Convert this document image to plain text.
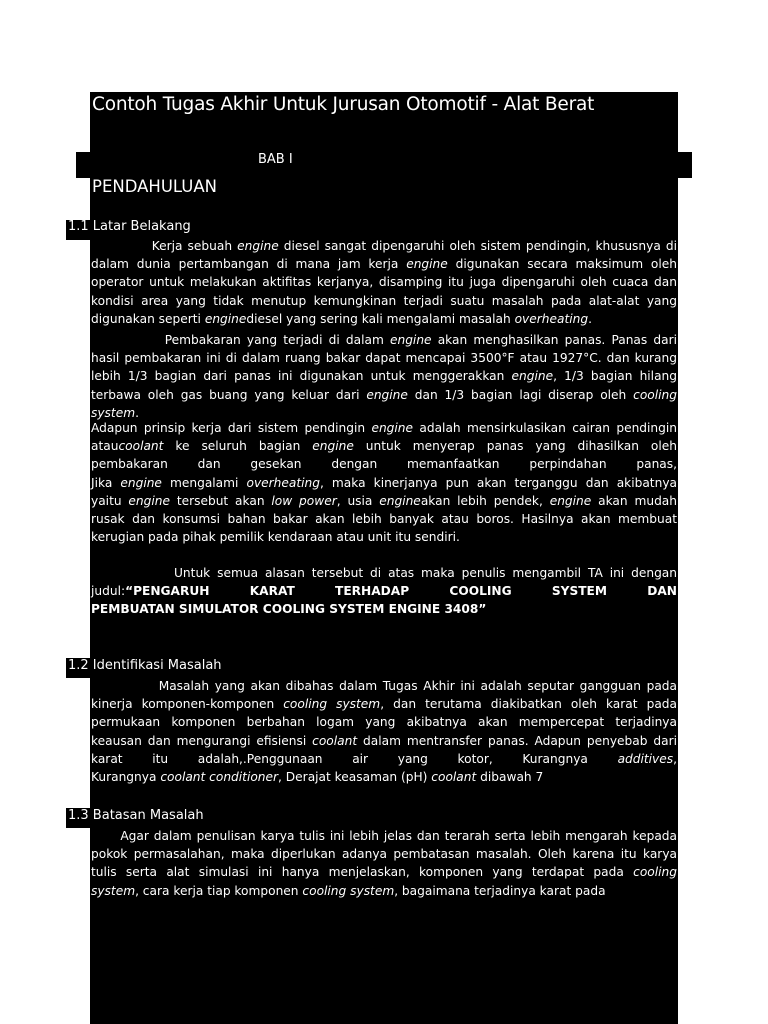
Contoh Tugas Akhir Untuk Jurusan Otomotif - Alat Berat
BAB I
PENDAHULUAN
1.1 Latar Belakang
Kerja sebuah engine diesel sangat dipengaruhi oleh sistem pendingin, khususnya di
dalam dunia pertambangan di mana jam kerja engine digunakan secara maksimum oleh
operator untuk melakukan aktifitas kerjanya, disamping itu juga dipengaruhi oleh cuaca dan
kondisi area yang tidak menutup kemungkinan terjadi suatu masalah pada alat-alat yang
digunakan seperti enginediesel yang sering kali mengalami masalah overheating.
Pembakaran yang terjadi di dalam engine akan menghasilkan panas. Panas dari
hasil pembakaran ini di dalam ruang bakar dapat mencapai 3500°F atau 1927°C. dan kurang
lebih 1/3 bagian dari panas ini digunakan untuk menggerakkan engine, 1/3 bagian hilang
terbawa oleh gas buang yang keluar dari engine dan 1/3 bagian lagi diserap oleh cooling
system.
Adapun prinsip kerja dari sistem pendingin engine adalah mensirkulasikan cairan pendingin
ataucoolant ke seluruh bagian engine untuk menyerap panas yang dihasilkan oleh
pembakaran dan gesekan dengan memanfaatkan perpindahan panas,
Jika engine mengalami overheating, maka kinerjanya pun akan terganggu dan akibatnya
yaitu engine tersebut akan low power, usia engineakan lebih pendek, engine akan mudah
rusak dan konsumsi bahan bakar akan lebih banyak atau boros. Hasilnya akan membuat
kerugian pada pihak pemilik kendaraan atau unit itu sendiri.
Untuk semua alasan tersebut di atas maka penulis mengambil TA ini dengan
judul:“PENGARUH KARAT TERHADAP COOLING SYSTEM DAN
PEMBUATAN SIMULATOR COOLING SYSTEM ENGINE 3408”
1.2 Identifikasi Masalah
Masalah yang akan dibahas dalam Tugas Akhir ini adalah seputar gangguan pada
kinerja komponen-komponen cooling system, dan terutama diakibatkan oleh karat pada
permukaan komponen berbahan logam yang akibatnya akan mempercepat terjadinya
keausan dan mengurangi efisiensi coolant dalam mentransfer panas. Adapun penyebab dari
karat itu adalah,.Penggunaan air yang kotor, Kurangnya additives,
Kurangnya coolant conditioner, Derajat keasaman (pH) coolant dibawah 7
1.3 Batasan Masalah
Agar dalam penulisan karya tulis ini lebih jelas dan terarah serta lebih mengarah kepada
pokok permasalahan, maka diperlukan adanya pembatasan masalah. Oleh karena itu karya
tulis serta alat simulasi ini hanya menjelaskan, komponen yang terdapat pada cooling
system, cara kerja tiap komponen cooling system, bagaimana terjadinya karat pada
